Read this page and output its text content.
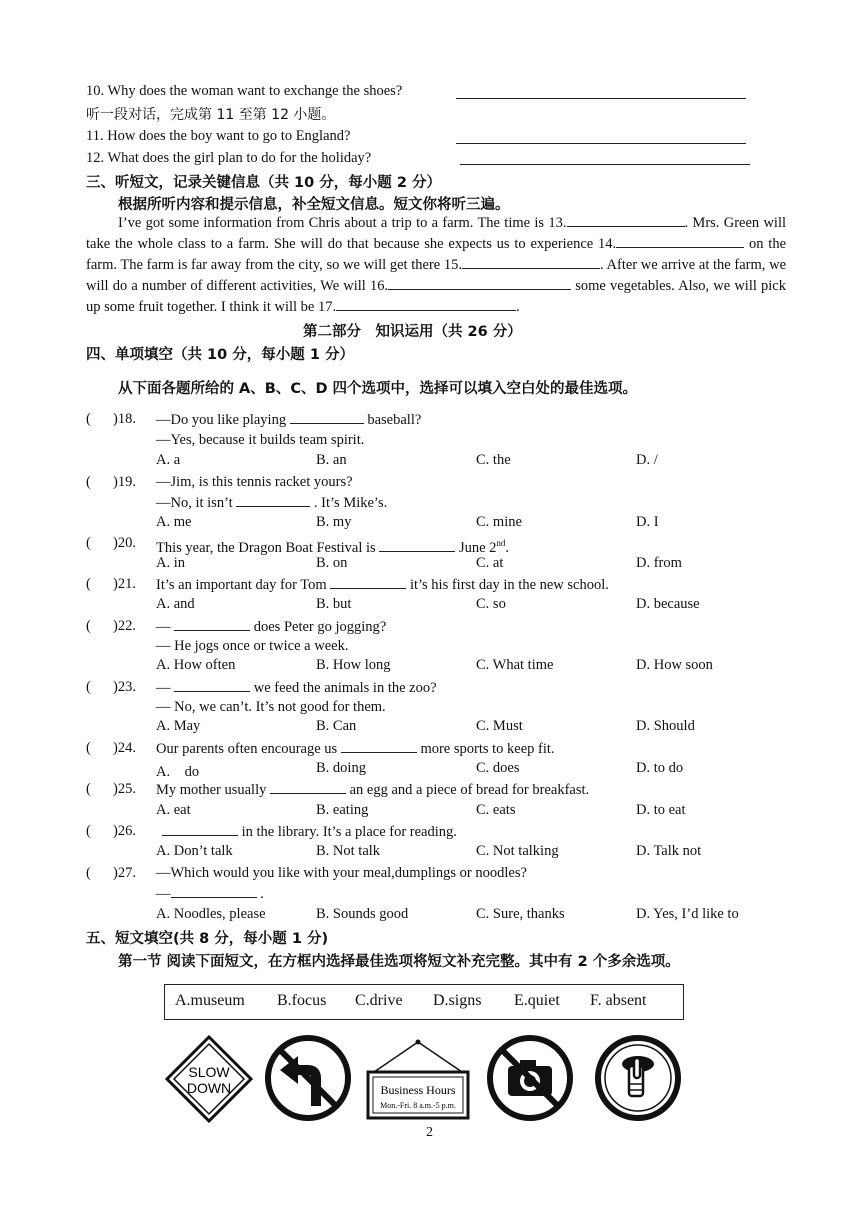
10. Why does the woman want to exchange the shoes?
听一段对话，完成第 11 至第 12 小题。
11. How does the boy want to go to England?
12. What does the girl plan to do for the holiday?
三、听短文，记录关键信息（共 10 分，每小题 2 分）
根据所听内容和提示信息，补全短文信息。短文你将听三遍。
I’ve got some information from Chris about a trip to a farm. The time is 13.	. Mrs. Green will take the whole class to a farm. She will do that because she expects us to experience 14.	on the farm. The farm is far away from the city, so we will get there 15.	. After we arrive at the farm, we will do a number of different activities, We will 16.	some vegetables. Also, we will pick up some fruit together. I think it will be 17.	.
第二部分　知识运用（共 26 分）
四、单项填空（共 10 分，每小题 1 分）
从下面各题所给的 A、B、C、D 四个选项中，选择可以填入空白处的最佳选项。
( )18. —Do you like playing	baseball?
—Yes, because it builds team spirit.
A. a	B. an	C. the	D. /
( )19. —Jim, is this tennis racket yours?
—No, it isn’t	. It’s Mike’s.
A. me	B. my	C. mine	D. I
( )20. This year, the Dragon Boat Festival is	June 2nd.
A. in	B. on	C. at	D. from
( )21. It’s an important day for Tom	it’s his first day in the new school.
A. and	B. but	C. so	D. because
( )22. —	does Peter go jogging?
— He jogs once or twice a week.
A. How often	B. How long	C. What time	D. How soon
( )23. —	we feed the animals in the zoo?
— No, we can’t. It’s not good for them.
A. May	B. Can	C. Must	D. Should
( )24. Our parents often encourage us	more sports to keep fit.
A.　do	B. doing	C. does	D. to do
( )25. My mother usually	an egg and a piece of bread for breakfast.
A. eat	B. eating	C. eats	D. to eat
( )26.	in the library. It’s a place for reading.
A. Don’t talk	B. Not talk	C. Not talking	D. Talk not
( )27. —Which would you like with your meal,dumplings or noodles?
—	.
A. Noodles, please	B. Sounds good	C. Sure, thanks	D. Yes, I’d like to
五、短文填空(共 8 分，每小题 1 分)
第一节 阅读下面短文，在方框内选择最佳选项将短文补充完整。其中有 2 个多余选项。
A.museum B.focus C.drive D.signs E.quiet F. absent
SLOW
DOWN	Business Hours
Mon.-Fri. 8 a.m.-5 p.m.
2
